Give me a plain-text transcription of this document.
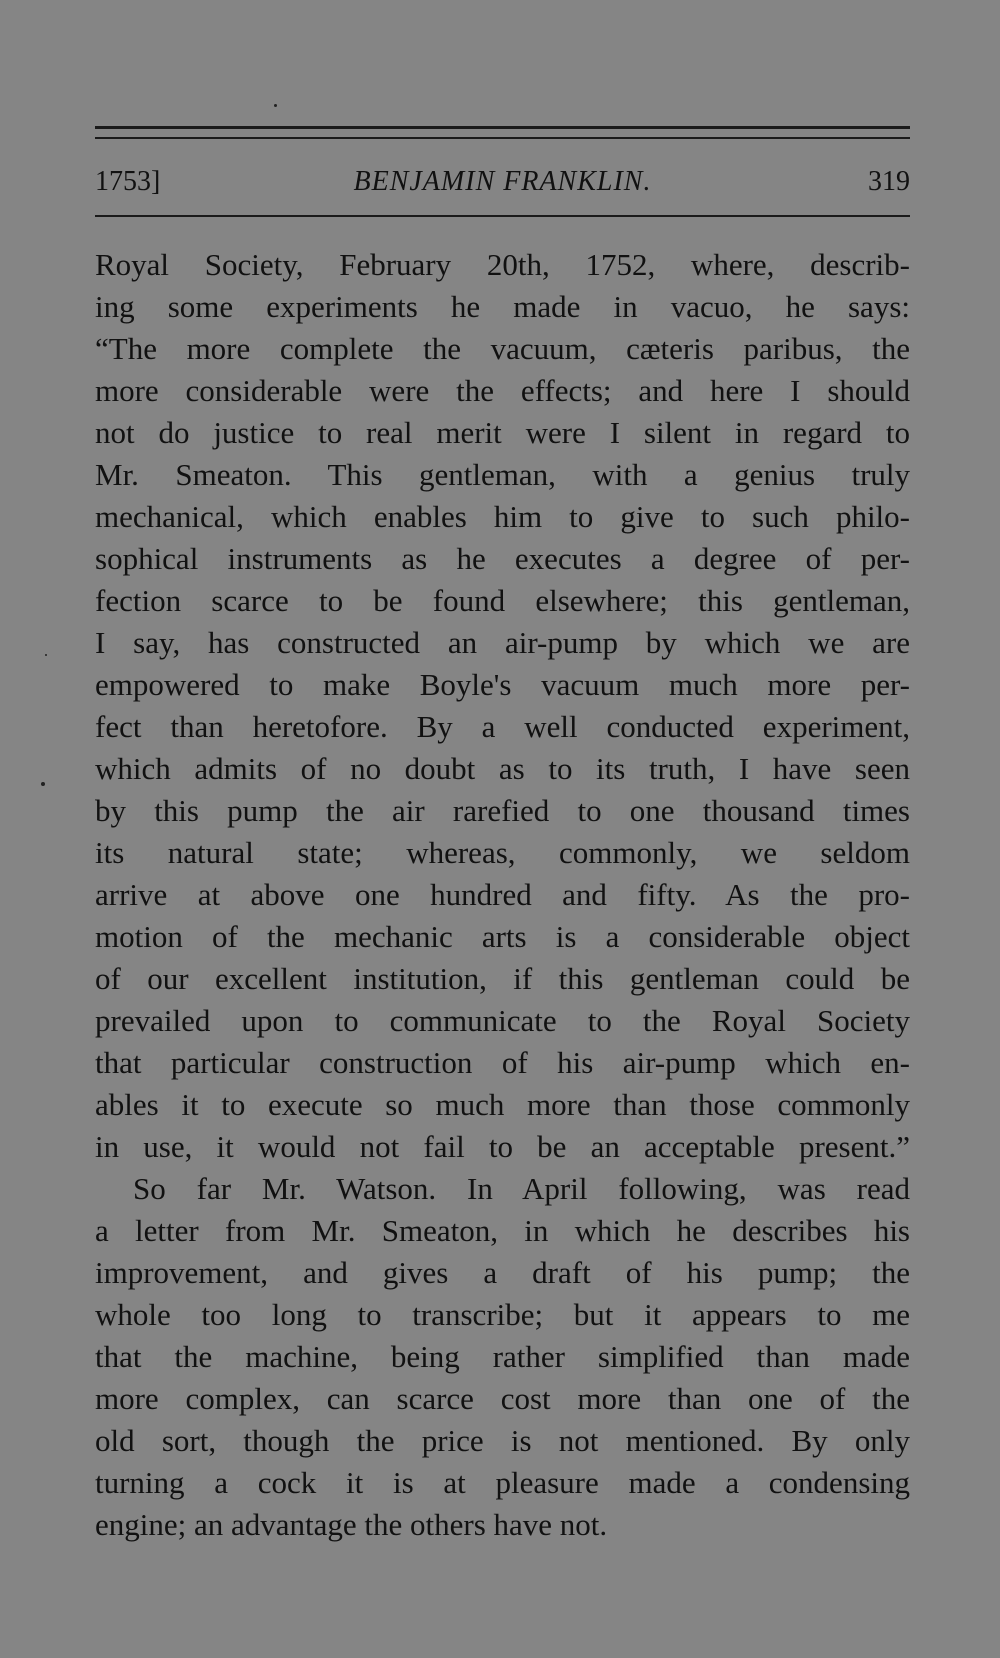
1753]	BENJAMIN FRANKLIN.	319
Royal Society, February 20th, 1752, where, describ-
ing some experiments he made in vacuo, he says:
“The more complete the vacuum, cæteris paribus, the
more considerable were the effects; and here I should
not do justice to real merit were I silent in regard to
Mr. Smeaton. This gentleman, with a genius truly
mechanical, which enables him to give to such philo-
sophical instruments as he executes a degree of per-
fection scarce to be found elsewhere; this gentleman,
I say, has constructed an air-pump by which we are
empowered to make Boyle's vacuum much more per-
fect than heretofore. By a well conducted experiment,
which admits of no doubt as to its truth, I have seen
by this pump the air rarefied to one thousand times
its natural state; whereas, commonly, we seldom
arrive at above one hundred and fifty. As the pro-
motion of the mechanic arts is a considerable object
of our excellent institution, if this gentleman could be
prevailed upon to communicate to the Royal Society
that particular construction of his air-pump which en-
ables it to execute so much more than those commonly
in use, it would not fail to be an acceptable present.”
So far Mr. Watson. In April following, was read
a letter from Mr. Smeaton, in which he describes his
improvement, and gives a draft of his pump; the
whole too long to transcribe; but it appears to me
that the machine, being rather simplified than made
more complex, can scarce cost more than one of the
old sort, though the price is not mentioned. By only
turning a cock it is at pleasure made a condensing
engine; an advantage the others have not.
